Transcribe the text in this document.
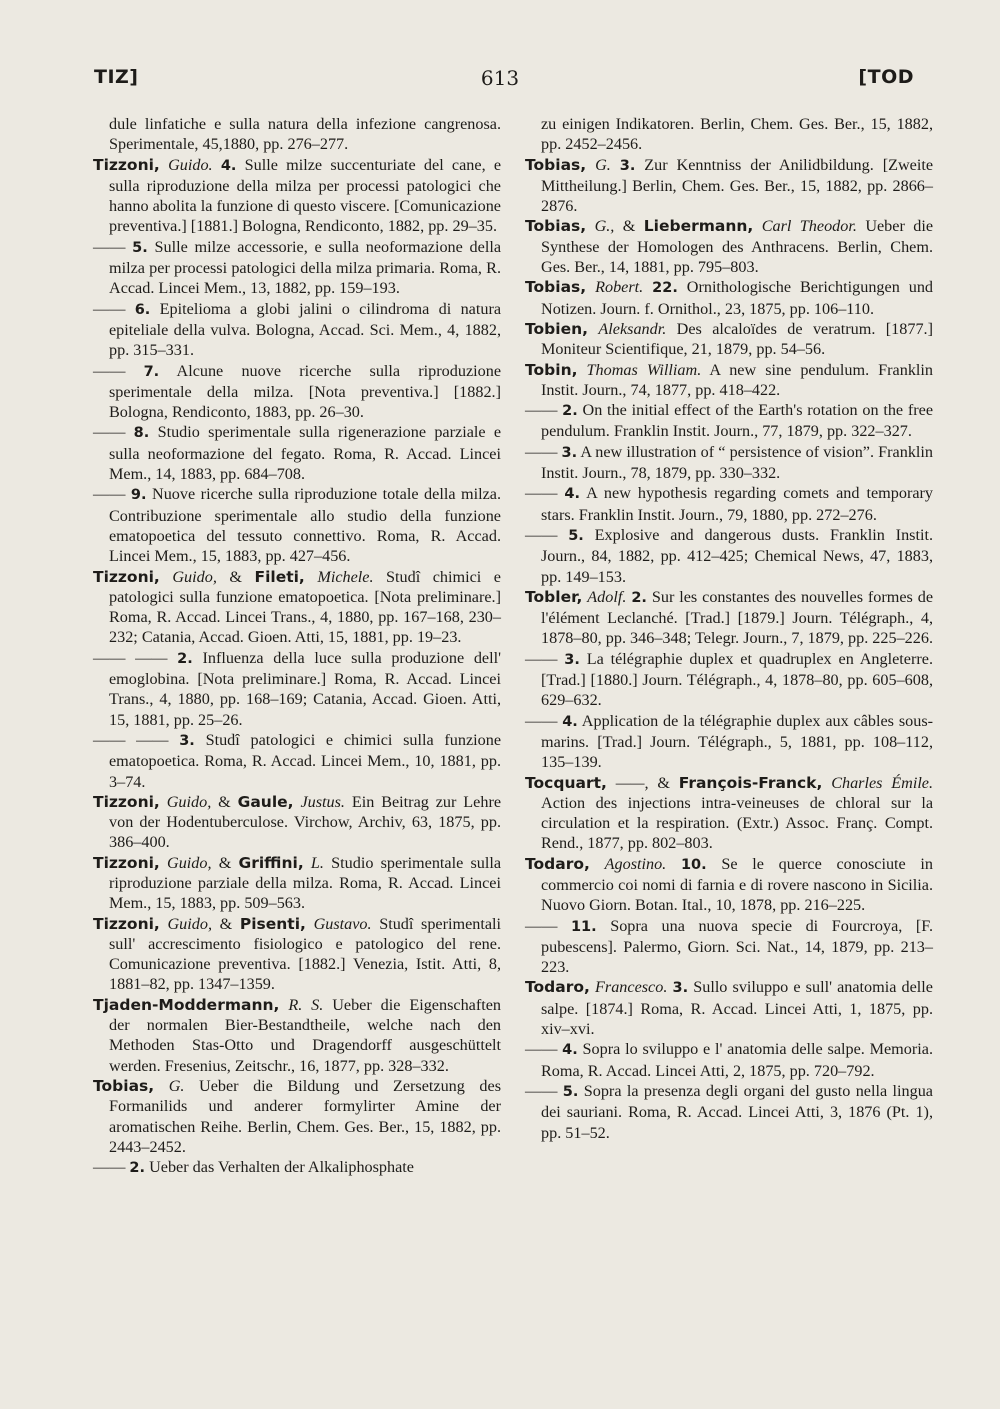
TIZ]	613	[TOD

dule linfatiche e sulla natura della infezione cangrenosa. Sperimentale, 45,1880, pp. 276–277.

Tizzoni, Guido. 4. Sulle milze succenturiate del cane, e sulla riproduzione della milza per processi patologici che hanno abolita la funzione di questo viscere. [Comunicazione preventiva.] [1881.] Bologna, Rendiconto, 1882, pp. 29–35.

—— 5. Sulle milze accessorie, e sulla neoformazione della milza per processi patologici della milza primaria. Roma, R. Accad. Lincei Mem., 13, 1882, pp. 159–193.

—— 6. Epitelioma a globi jalini o cilindroma di natura epiteliale della vulva. Bologna, Accad. Sci. Mem., 4, 1882, pp. 315–331.

—— 7. Alcune nuove ricerche sulla riproduzione sperimentale della milza. [Nota preventiva.] [1882.] Bologna, Rendiconto, 1883, pp. 26–30.

—— 8. Studio sperimentale sulla rigenerazione parziale e sulla neoformazione del fegato. Roma, R. Accad. Lincei Mem., 14, 1883, pp. 684–708.

—— 9. Nuove ricerche sulla riproduzione totale della milza. Contribuzione sperimentale allo studio della funzione ematopoetica del tessuto connettivo. Roma, R. Accad. Lincei Mem., 15, 1883, pp. 427–456.

Tizzoni, Guido, & Fileti, Michele. Studî chimici e patologici sulla funzione ematopoetica. [Nota preliminare.] Roma, R. Accad. Lincei Trans., 4, 1880, pp. 167–168, 230–232; Catania, Accad. Gioen. Atti, 15, 1881, pp. 19–23.

—— —— 2. Influenza della luce sulla produzione dell' emoglobina. [Nota preliminare.] Roma, R. Accad. Lincei Trans., 4, 1880, pp. 168–169; Catania, Accad. Gioen. Atti, 15, 1881, pp. 25–26.

—— —— 3. Studî patologici e chimici sulla funzione ematopoetica. Roma, R. Accad. Lincei Mem., 10, 1881, pp. 3–74.

Tizzoni, Guido, & Gaule, Justus. Ein Beitrag zur Lehre von der Hodentuberculose. Virchow, Archiv, 63, 1875, pp. 386–400.

Tizzoni, Guido, & Griffini, L. Studio sperimentale sulla riproduzione parziale della milza. Roma, R. Accad. Lincei Mem., 15, 1883, pp. 509–563.

Tizzoni, Guido, & Pisenti, Gustavo. Studî sperimentali sull' accrescimento fisiologico e patologico del rene. Comunicazione preventiva. [1882.] Venezia, Istit. Atti, 8, 1881–82, pp. 1347–1359.

Tjaden-Moddermann, R. S. Ueber die Eigenschaften der normalen Bier-Bestandtheile, welche nach den Methoden Stas-Otto und Dragendorff ausgeschüttelt werden. Fresenius, Zeitschr., 16, 1877, pp. 328–332.

Tobias, G. Ueber die Bildung und Zersetzung des Formanilids und anderer formylirter Amine der aromatischen Reihe. Berlin, Chem. Ges. Ber., 15, 1882, pp. 2443–2452.

—— 2. Ueber das Verhalten der Alkaliphosphate

zu einigen Indikatoren. Berlin, Chem. Ges. Ber., 15, 1882, pp. 2452–2456.

Tobias, G. 3. Zur Kenntniss der Anilidbildung. [Zweite Mittheilung.] Berlin, Chem. Ges. Ber., 15, 1882, pp. 2866–2876.

Tobias, G., & Liebermann, Carl Theodor. Ueber die Synthese der Homologen des Anthracens. Berlin, Chem. Ges. Ber., 14, 1881, pp. 795–803.

Tobias, Robert. 22. Ornithologische Berichtigungen und Notizen. Journ. f. Ornithol., 23, 1875, pp. 106–110.

Tobien, Aleksandr. Des alcaloïdes de veratrum. [1877.] Moniteur Scientifique, 21, 1879, pp. 54–56.

Tobin, Thomas William. A new sine pendulum. Franklin Instit. Journ., 74, 1877, pp. 418–422.

—— 2. On the initial effect of the Earth's rotation on the free pendulum. Franklin Instit. Journ., 77, 1879, pp. 322–327.

—— 3. A new illustration of “ persistence of vision”. Franklin Instit. Journ., 78, 1879, pp. 330–332.

—— 4. A new hypothesis regarding comets and temporary stars. Franklin Instit. Journ., 79, 1880, pp. 272–276.

—— 5. Explosive and dangerous dusts. Franklin Instit. Journ., 84, 1882, pp. 412–425; Chemical News, 47, 1883, pp. 149–153.

Tobler, Adolf. 2. Sur les constantes des nouvelles formes de l'élément Leclanché. [Trad.] [1879.] Journ. Télégraph., 4, 1878–80, pp. 346–348; Telegr. Journ., 7, 1879, pp. 225–226.

—— 3. La télégraphie duplex et quadruplex en Angleterre. [Trad.] [1880.] Journ. Télégraph., 4, 1878–80, pp. 605–608, 629–632.

—— 4. Application de la télégraphie duplex aux câbles sous-marins. [Trad.] Journ. Télégraph., 5, 1881, pp. 108–112, 135–139.

Tocquart, ——, & François-Franck, Charles Émile. Action des injections intra-veineuses de chloral sur la circulation et la respiration. (Extr.) Assoc. Franç. Compt. Rend., 1877, pp. 802–803.

Todaro, Agostino. 10. Se le querce conosciute in commercio coi nomi di farnia e di rovere nascono in Sicilia. Nuovo Giorn. Botan. Ital., 10, 1878, pp. 216–225.

—— 11. Sopra una nuova specie di Fourcroya, [F. pubescens]. Palermo, Giorn. Sci. Nat., 14, 1879, pp. 213–223.

Todaro, Francesco. 3. Sullo sviluppo e sull' anatomia delle salpe. [1874.] Roma, R. Accad. Lincei Atti, 1, 1875, pp. xiv–xvi.

—— 4. Sopra lo sviluppo e l' anatomia delle salpe. Memoria. Roma, R. Accad. Lincei Atti, 2, 1875, pp. 720–792.

—— 5. Sopra la presenza degli organi del gusto nella lingua dei sauriani. Roma, R. Accad. Lincei Atti, 3, 1876 (Pt. 1), pp. 51–52.
